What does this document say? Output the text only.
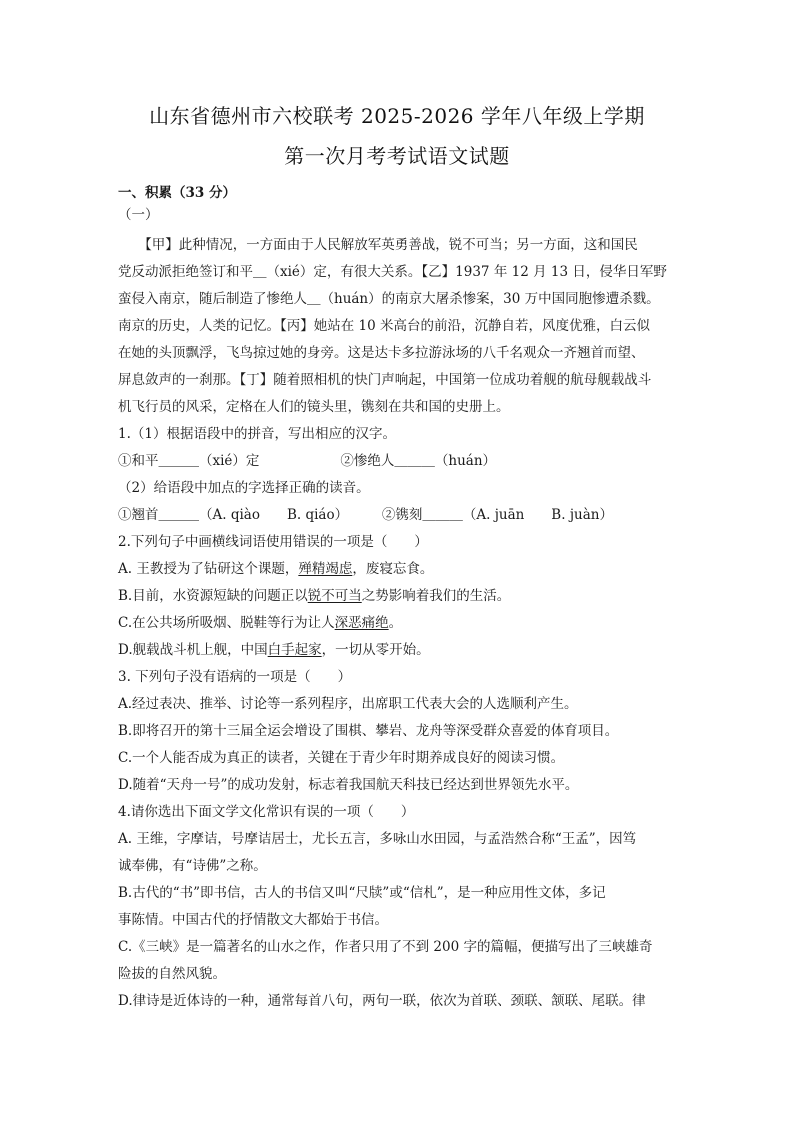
山东省德州市六校联考 2025-2026 学年八年级上学期
第一次月考考试语文试题
一、积累（33 分）
（一）
　　【甲】此种情况，一方面由于人民解放军英勇善战，锐不可当；另一方面，这和国民
党反动派拒绝签订和平＿（xié）定，有很大关系。【乙】1937 年 12 月 13 日，侵华日军野
蛮侵入南京，随后制造了惨绝人＿（huán）的南京大屠杀惨案，30 万中国同胞惨遭杀戮。
南京的历史，人类的记忆。【丙】她站在 10 米高台的前沿，沉静自若，风度优雅，白云似
在她的头顶飘浮，飞鸟掠过她的身旁。这是达卡多拉游泳场的八千名观众一齐翘首而望、
屏息敛声的一刹那。【丁】随着照相机的快门声响起，中国第一位成功着舰的航母舰载战斗
机飞行员的风采，定格在人们的镜头里，镌刻在共和国的史册上。
1.（1）根据语段中的拼音，写出相应的汉字。
①和平＿＿＿（xié）定　　　　　　②惨绝人＿＿＿（huán）
（2）给语段中加点的字选择正确的读音。
①翘首＿＿＿（A. qiào　　B. qiáo）　　　②镌刻＿＿＿（A. juān　　B. juàn）
2.下列句子中画横线词语使用错误的一项是（　　）
A. 王教授为了钻研这个课题，殚精竭虑，废寝忘食。
B.目前，水资源短缺的问题正以锐不可当之势影响着我们的生活。
C.在公共场所吸烟、脱鞋等行为让人深恶痛绝。
D.舰载战斗机上舰，中国白手起家，一切从零开始。
3. 下列句子没有语病的一项是（　　）
A.经过表决、推举、讨论等一系列程序，出席职工代表大会的人选顺利产生。
B.即将召开的第十三届全运会增设了围棋、攀岩、龙舟等深受群众喜爱的体育项目。
C.一个人能否成为真正的读者，关键在于青少年时期养成良好的阅读习惯。
D.随着“天舟一号”的成功发射，标志着我国航天科技已经达到世界领先水平。
4.请你选出下面文学文化常识有误的一项（　　）
A. 王维，字摩诘，号摩诘居士，尤长五言，多咏山水田园，与孟浩然合称“王孟”，因笃
诚奉佛，有“诗佛”之称。
B.古代的“书”即书信，古人的书信又叫“尺牍”或“信札”，是一种应用性文体，多记
事陈情。中国古代的抒情散文大都始于书信。
C.《三峡》是一篇著名的山水之作，作者只用了不到 200 字的篇幅，便描写出了三峡雄奇
险拔的自然风貌。
D.律诗是近体诗的一种，通常每首八句，两句一联，依次为首联、颈联、颔联、尾联。律
